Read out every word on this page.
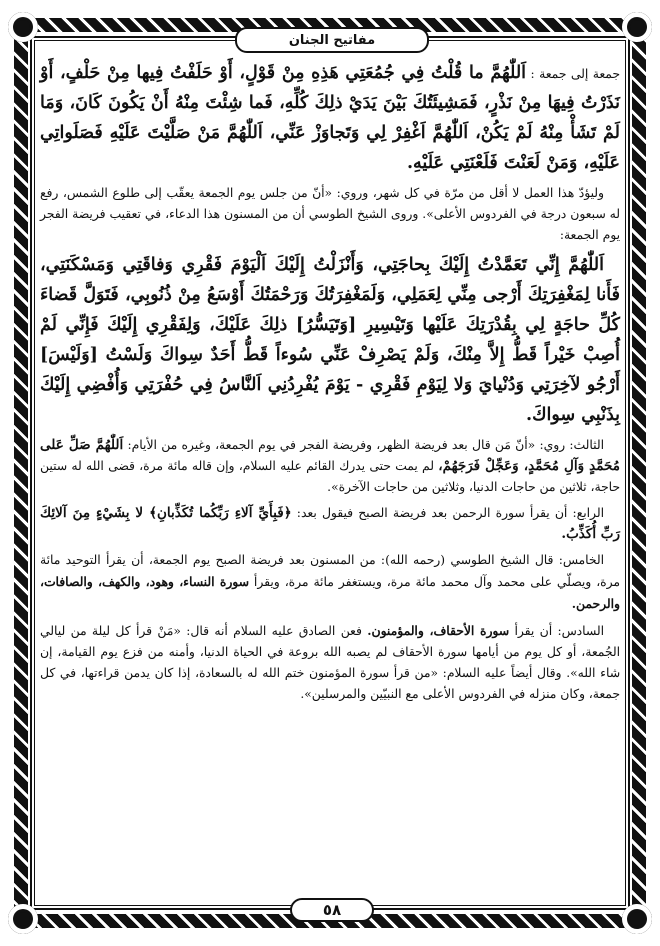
مفاتيح الجنان

جمعة إلى جمعة : اَللّٰهُمَّ ما قُلْتُ فِي جُمُعَتِي هَذِهِ مِنْ قَوْلٍ، أَوْ حَلَفْتُ فِيها مِنْ حَلْفٍ، أَوْ نَذَرْتُ فِيهَا مِنْ نَذْرٍ، فَمَشِيئَتُكَ بَيْنَ يَدَيْ ذلِكَ كُلِّهِ، فَما شِئْتَ مِنْهُ أَنْ يَكُونَ كَانَ، وَمَا لَمْ تَشَأْ مِنْهُ لَمْ يَكُنْ، اَللّٰهُمَّ اَغْفِرْ لِي وَتَجاوَزْ عَنِّي، اَللّٰهُمَّ مَنْ صَلَّيْتَ عَلَيْهِ فَصَلَواتِي عَلَيْهِ، وَمَنْ لَعَنْتَ فَلَعْنَتِي عَلَيْهِ.

وليؤدّ هذا العمل لا أقل من مرّة في كل شهر، وروي: «أنّ من جلس يوم الجمعة يعقّب إلى طلوع الشمس، رفع له سبعون درجة في الفردوس الأعلى». وروى الشيخ الطوسي أن من المسنون هذا الدعاء، في تعقيب فريضة الفجر يوم الجمعة:

اَللّٰهُمَّ إِنِّي تَعَمَّدْتُ إِلَيْكَ بِحاجَتِي، وَأَنْزَلْتُ إِلَيْكَ اَلْيَوْمَ فَقْرِي وَفاقَتِي وَمَسْكَنَتِي، فَأَنا لِمَغْفِرَتِكَ أَرْجى مِنِّي لِعَمَلِي، وَلَمَغْفِرَتُكَ وَرَحْمَتُكَ أَوْسَعُ مِنْ ذُنُوبِي، فَتَوَلَّ قَضاءَ كُلِّ حاجَةٍ لِي بِقُدْرَتِكَ عَلَيْها وَتَيْسِيرِ [وَتَيَسُّرُ] ذلِكَ عَلَيْكَ، وَلِفَقْرِي إِلَيْكَ فَإِنِّي لَمْ أُصِبْ خَيْراً قَطُّ إِلاَّ مِنْكَ، وَلَمْ يَصْرِفْ عَنِّي سُوءاً قَطُّ أَحَدٌ سِواكَ وَلَسْتُ [وَلَيْسَ] أَرْجُو لآخِرَتِي وَدُنْيايَ وَلا لِيَوْمِ فَقْرِي - يَوْمَ يُفْرِدُنِي اَلنَّاسُ فِي حُفْرَتِي وَأُفْضِي إِلَيْكَ بِذَنْبِي سِواكَ.

الثالث: روي: «أنّ مَن قال بعد فريضة الظهر، وفريضة الفجر في يوم الجمعة، وغيره من الأيام: اَللّٰهُمَّ صَلِّ عَلى مُحَمَّدٍ وَآلِ مُحَمَّدٍ، وَعَجِّلْ فَرَجَهُمْ، لم يمت حتى يدرك القائم عليه السلام، وإن قاله مائة مرة، قضى الله له ستين حاجة، ثلاثين من حاجات الدنيا، وثلاثين من حاجات الآخرة».

الرابع: أن يقرأ سورة الرحمن بعد فريضة الصبح فيقول بعد: ﴿فَبِأَيِّ آلاءِ رَبِّكُما تُكَذِّبانِ﴾ لا بِشَيْءٍ مِنَ آلائِكَ رَبِّ أُكَذِّبُ.

الخامس: قال الشيخ الطوسي (رحمه الله): من المسنون بعد فريضة الصبح يوم الجمعة، أن يقرأ التوحيد مائة مرة، ويصلّي على محمد وآل محمد مائة مرة، ويستغفر مائة مرة، ويقرأ سورة النساء، وهود، والكهف، والصافات، والرحمن.

السادس: أن يقرأ سورة الأحقاف، والمؤمنون. فعن الصادق عليه السلام أنه قال: «مَنْ قرأ كل ليلة من ليالي الجُمعة، أو كل يوم من أيامها سورة الأحقاف لم يصبه الله بروعة في الحياة الدنيا، وأمنه من فزع يوم القيامة، إن شاء الله». وقال أيضاً عليه السلام: «من قرأ سورة المؤمنون ختم الله له بالسعادة، إذا كان يدمن قراءتها، في كل جمعة، وكان منزله في الفردوس الأعلى مع النبيّين والمرسلين».

٥٨
